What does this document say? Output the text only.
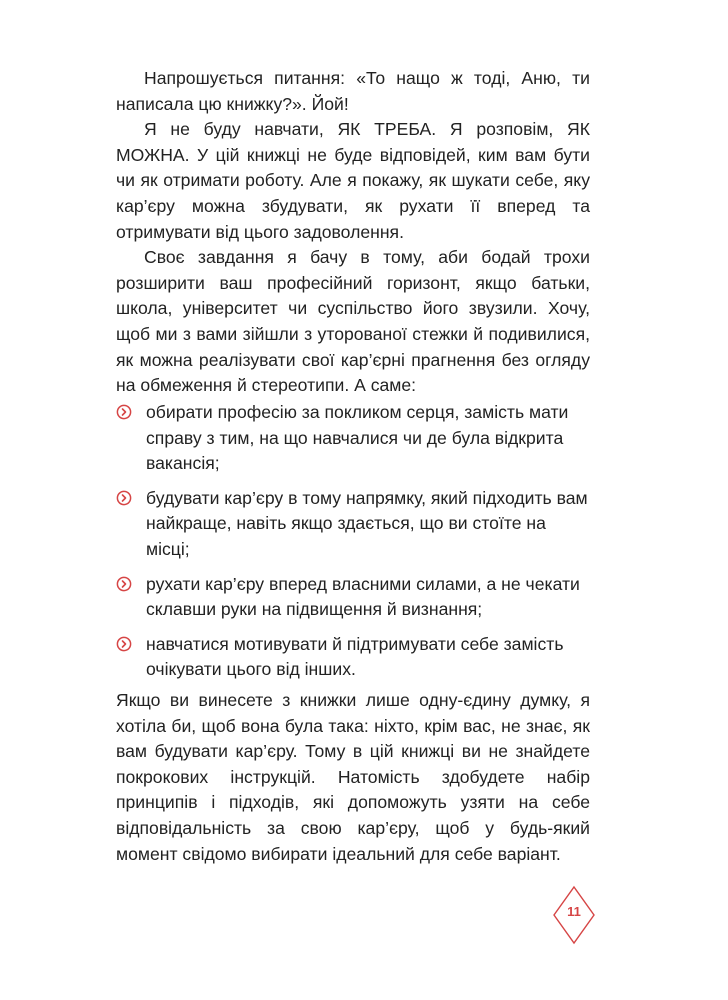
Напрошується питання: «То нащо ж тоді, Аню, ти написала цю книжку?». Йой!

Я не буду навчати, ЯК ТРЕБА. Я розповім, ЯК МОЖНА. У цій книжці не буде відповідей, ким вам бути чи як отримати роботу. Але я покажу, як шукати себе, яку кар’єру можна збудувати, як рухати її вперед та отримувати від цього задоволення.

Своє завдання я бачу в тому, аби бодай трохи розширити ваш професійний горизонт, якщо батьки, школа, університет чи суспільство його звузили. Хочу, щоб ми з вами зійшли з уторованої стежки й подивилися, як можна реалізувати свої кар’єрні прагнення без огляду на обмеження й стереотипи. А саме:

обирати професію за покликом серця, замість мати справу з тим, на що навчалися чи де була відкрита вакансія;
будувати кар’єру в тому напрямку, який підходить вам найкраще, навіть якщо здається, що ви стоїте на місці;
рухати кар’єру вперед власними силами, а не чекати склавши руки на підвищення й визнання;
навчатися мотивувати й підтримувати себе замість очікувати цього від інших.

Якщо ви винесете з книжки лише одну-єдину думку, я хотіла би, щоб вона була така: ніхто, крім вас, не знає, як вам будувати кар’єру. Тому в цій книжці ви не знайдете покрокових інструкцій. Натомість здобудете набір принципів і підходів, які допоможуть узяти на себе відповідальність за свою кар’єру, щоб у будь-який момент свідомо вибирати ідеальний для себе варіант.

11
